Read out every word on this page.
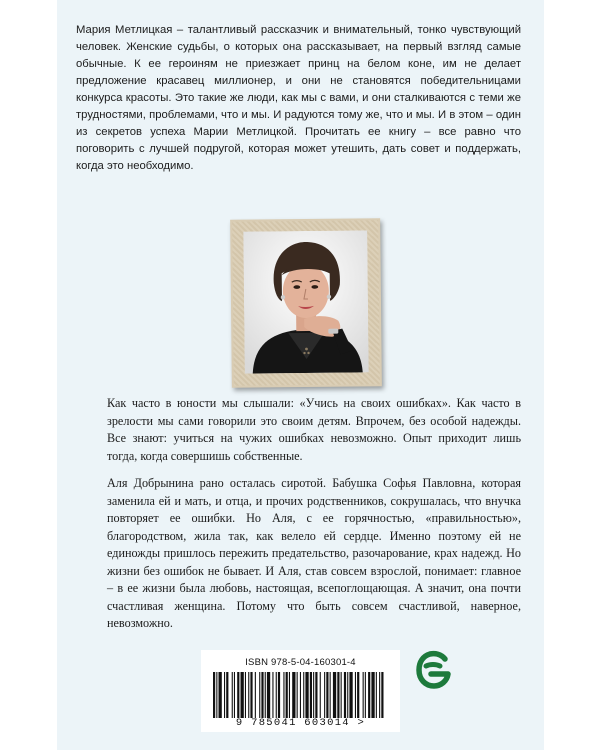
Мария Метлицкая – талантливый рассказчик и внимательный, тонко чувствующий человек. Женские судьбы, о которых она рассказывает, на первый взгляд самые обычные. К ее героиням не приезжает принц на белом коне, им не делает предложение красавец миллионер, и они не становятся победительницами конкурса красоты. Это такие же люди, как мы с вами, и они сталкиваются с теми же трудностями, проблемами, что и мы. И радуются тому же, что и мы. И в этом – один из секретов успеха Марии Метлицкой. Прочитать ее книгу – все равно что поговорить с лучшей подругой, которая может утешить, дать совет и поддержать, когда это необходимо.

Как часто в юности мы слышали: «Учись на своих ошибках». Как часто в зрелости мы сами говорили это своим детям. Впрочем, без особой надежды. Все знают: учиться на чужих ошибках невозможно. Опыт приходит лишь тогда, когда совершишь собственные.

Аля Добрынина рано осталась сиротой. Бабушка Софья Павловна, которая заменила ей и мать, и отца, и прочих родственников, сокрушалась, что внучка повторяет ее ошибки. Но Аля, с ее горячностью, «правильностью», благородством, жила так, как велело ей сердце. Именно поэтому ей не единожды пришлось пережить предательство, разочарование, крах надежд. Но жизни без ошибок не бывает. И Аля, став совсем взрослой, понимает: главное – в ее жизни была любовь, настоящая, всепоглощающая. А значит, она почти счастливая женщина. Потому что быть совсем счастливой, наверное, невозможно.

ISBN 978-5-04-160301-4
9 785041 603014 >
